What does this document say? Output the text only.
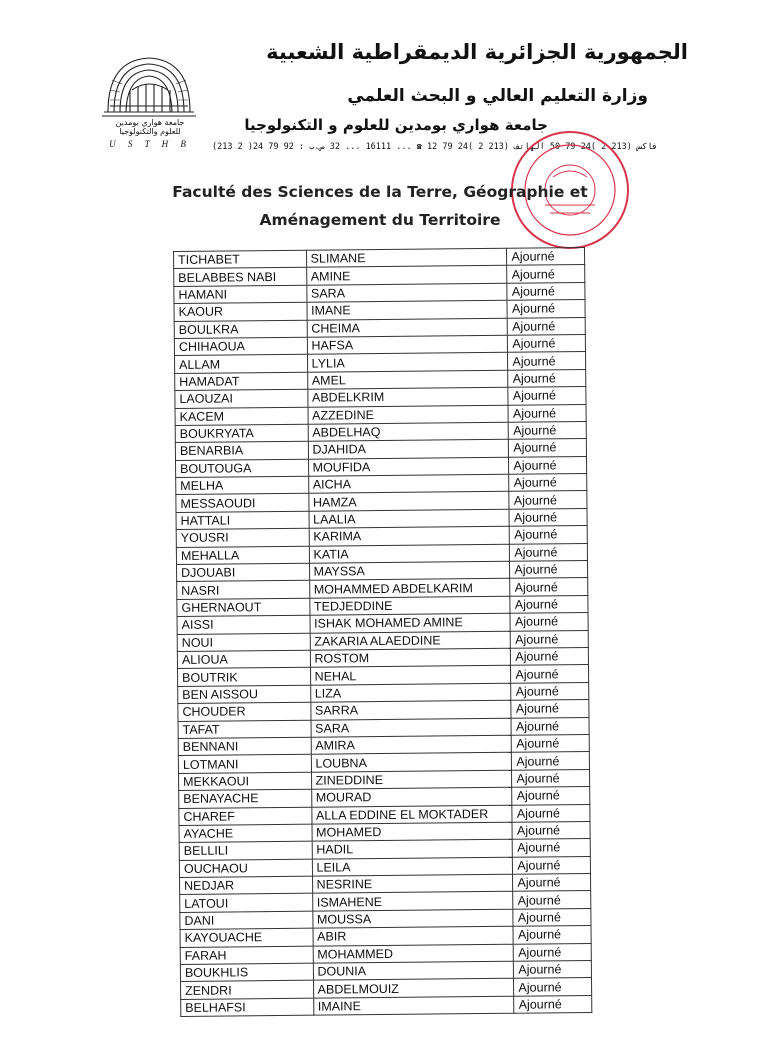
جامعة هواري بومدين
للعلوم والتكنولوجيا
U S T H B
الجمهورية الجزائرية الديمقراطية الشعبية
وزارة التعليم العالي و البحث العلمي
جامعة هواري بومدين للعلوم و التكنولوجيا
(213 2 )24 79 92 : فاكس (213 2 )24 79 50 الهاتف (213 2 )24 79 12 ☎ ... 16111 ... 32 ص.ب
Faculté des Sciences de la Terre, Géographie et
Aménagement du Territoire
TICHABET	SLIMANE	Ajourné
BELABBES NABI	AMINE	Ajourné
HAMANI	SARA	Ajourné
KAOUR	IMANE	Ajourné
BOULKRA	CHEIMA	Ajourné
CHIHAOUA	HAFSA	Ajourné
ALLAM	LYLIA	Ajourné
HAMADAT	AMEL	Ajourné
LAOUZAI	ABDELKRIM	Ajourné
KACEM	AZZEDINE	Ajourné
BOUKRYATA	ABDELHAQ	Ajourné
BENARBIA	DJAHIDA	Ajourné
BOUTOUGA	MOUFIDA	Ajourné
MELHA	AICHA	Ajourné
MESSAOUDI	HAMZA	Ajourné
HATTALI	LAALIA	Ajourné
YOUSRI	KARIMA	Ajourné
MEHALLA	KATIA	Ajourné
DJOUABI	MAYSSA	Ajourné
NASRI	MOHAMMED ABDELKARIM	Ajourné
GHERNAOUT	TEDJEDDINE	Ajourné
AISSI	ISHAK MOHAMED AMINE	Ajourné
NOUI	ZAKARIA ALAEDDINE	Ajourné
ALIOUA	ROSTOM	Ajourné
BOUTRIK	NEHAL	Ajourné
BEN AISSOU	LIZA	Ajourné
CHOUDER	SARRA	Ajourné
TAFAT	SARA	Ajourné
BENNANI	AMIRA	Ajourné
LOTMANI	LOUBNA	Ajourné
MEKKAOUI	ZINEDDINE	Ajourné
BENAYACHE	MOURAD	Ajourné
CHAREF	ALLA EDDINE EL MOKTADER	Ajourné
AYACHE	MOHAMED	Ajourné
BELLILI	HADIL	Ajourné
OUCHAOU	LEILA	Ajourné
NEDJAR	NESRINE	Ajourné
LATOUI	ISMAHENE	Ajourné
DANI	MOUSSA	Ajourné
KAYOUACHE	ABIR	Ajourné
FARAH	MOHAMMED	Ajourné
BOUKHLIS	DOUNIA	Ajourné
ZENDRI	ABDELMOUIZ	Ajourné
BELHAFSI	IMAINE	Ajourné
